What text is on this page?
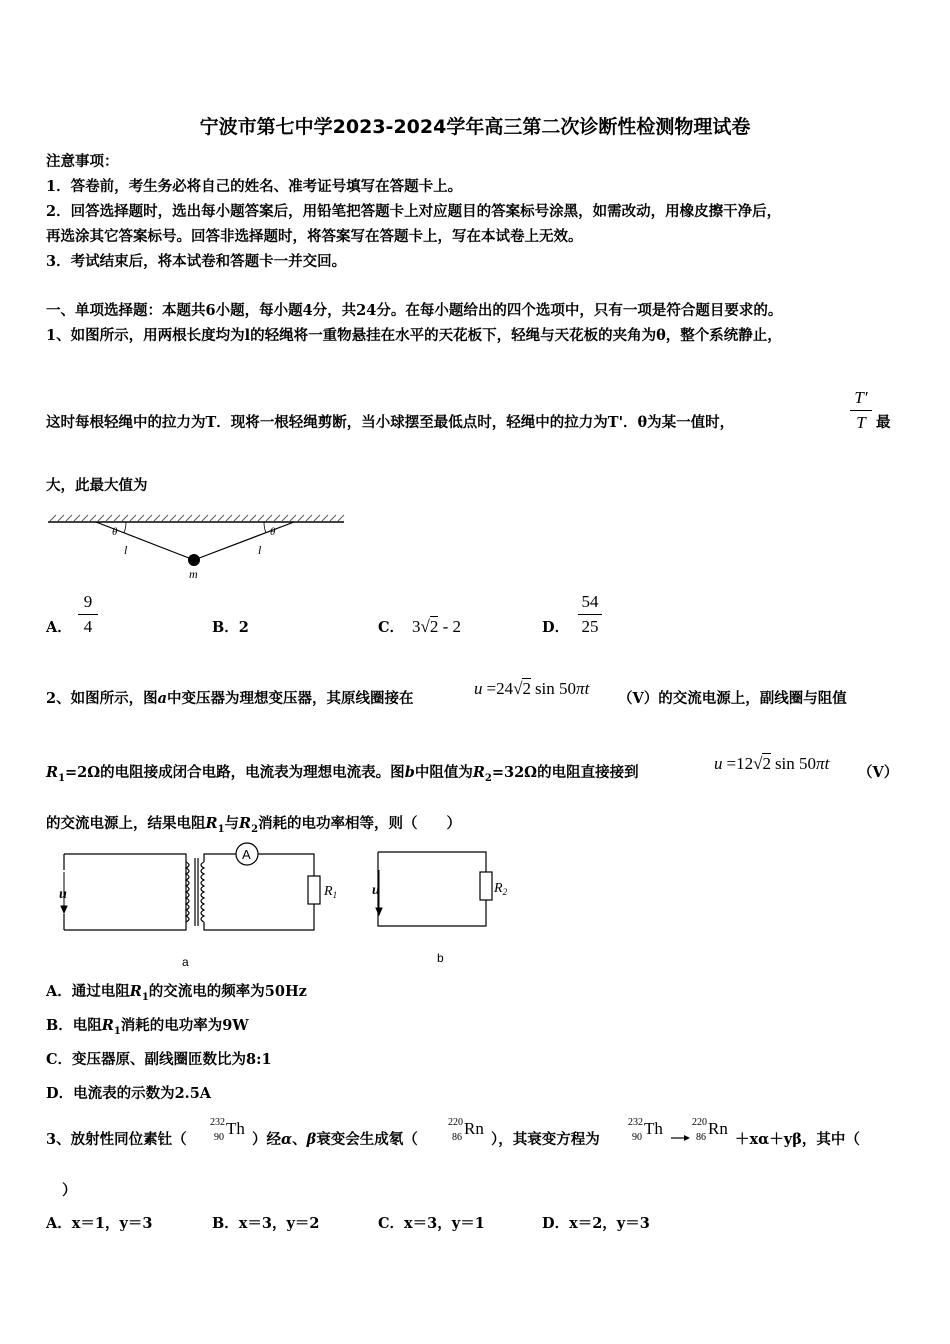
宁波市第七中学2023-2024学年高三第二次诊断性检测物理试卷
注意事项：
1．答卷前，考生务必将自己的姓名、准考证号填写在答题卡上。
2．回答选择题时，选出每小题答案后，用铅笔把答题卡上对应题目的答案标号涂黑，如需改动，用橡皮擦干净后，
再选涂其它答案标号。回答非选择题时，将答案写在答题卡上，写在本试卷上无效。
3．考试结束后，将本试卷和答题卡一并交回。
一、单项选择题：本题共6小题，每小题4分，共24分。在每小题给出的四个选项中，只有一项是符合题目要求的。
1、如图所示，用两根长度均为l的轻绳将一重物悬挂在水平的天花板下，轻绳与天花板的夹角为θ，整个系统静止，
这时每根轻绳中的拉力为T．现将一根轻绳剪断，当小球摆至最低点时，轻绳中的拉力为T'．θ为某一值时，
T′
T 最
大，此最大值为
θ	θ
l	l
m
A．
9
4	B．2	C． 3√2 - 2	D．
54
25
2、如图所示，图a中变压器为理想变压器，其原线圈接在
u =24√2 sin 50πt
（V）的交流电源上，副线圈与阻值
$R_1=2\Omega$的电阻接成闭合电路，电流表为理想电流表。图b中阻值为$R_2=32\Omega$的电阻直接接到	u =12√2 sin 50πt （V）
的交流电源上，结果电阻$R_1$与$R_2$消耗的电功率相等，则（　　）
u	u
A
$R_1$	$R_2$
a	b
A．通过电阻$R_1$的交流电的频率为50Hz
B．电阻$R_1$消耗的电功率为9W
C．变压器原、副线圈匝数比为8:1
D．电流表的示数为2.5A
3、放射性同位素钍（
232
90 Th
）经α、β衰变会生成氡（
220
86 Rn
），其衰变方程为
232
90 Th	220
86 Rn
＋xα＋yβ，其中（
）
A．x＝1，y＝3	B．x＝3，y＝2	C．x＝3，y＝1	D．x＝2，y＝3
